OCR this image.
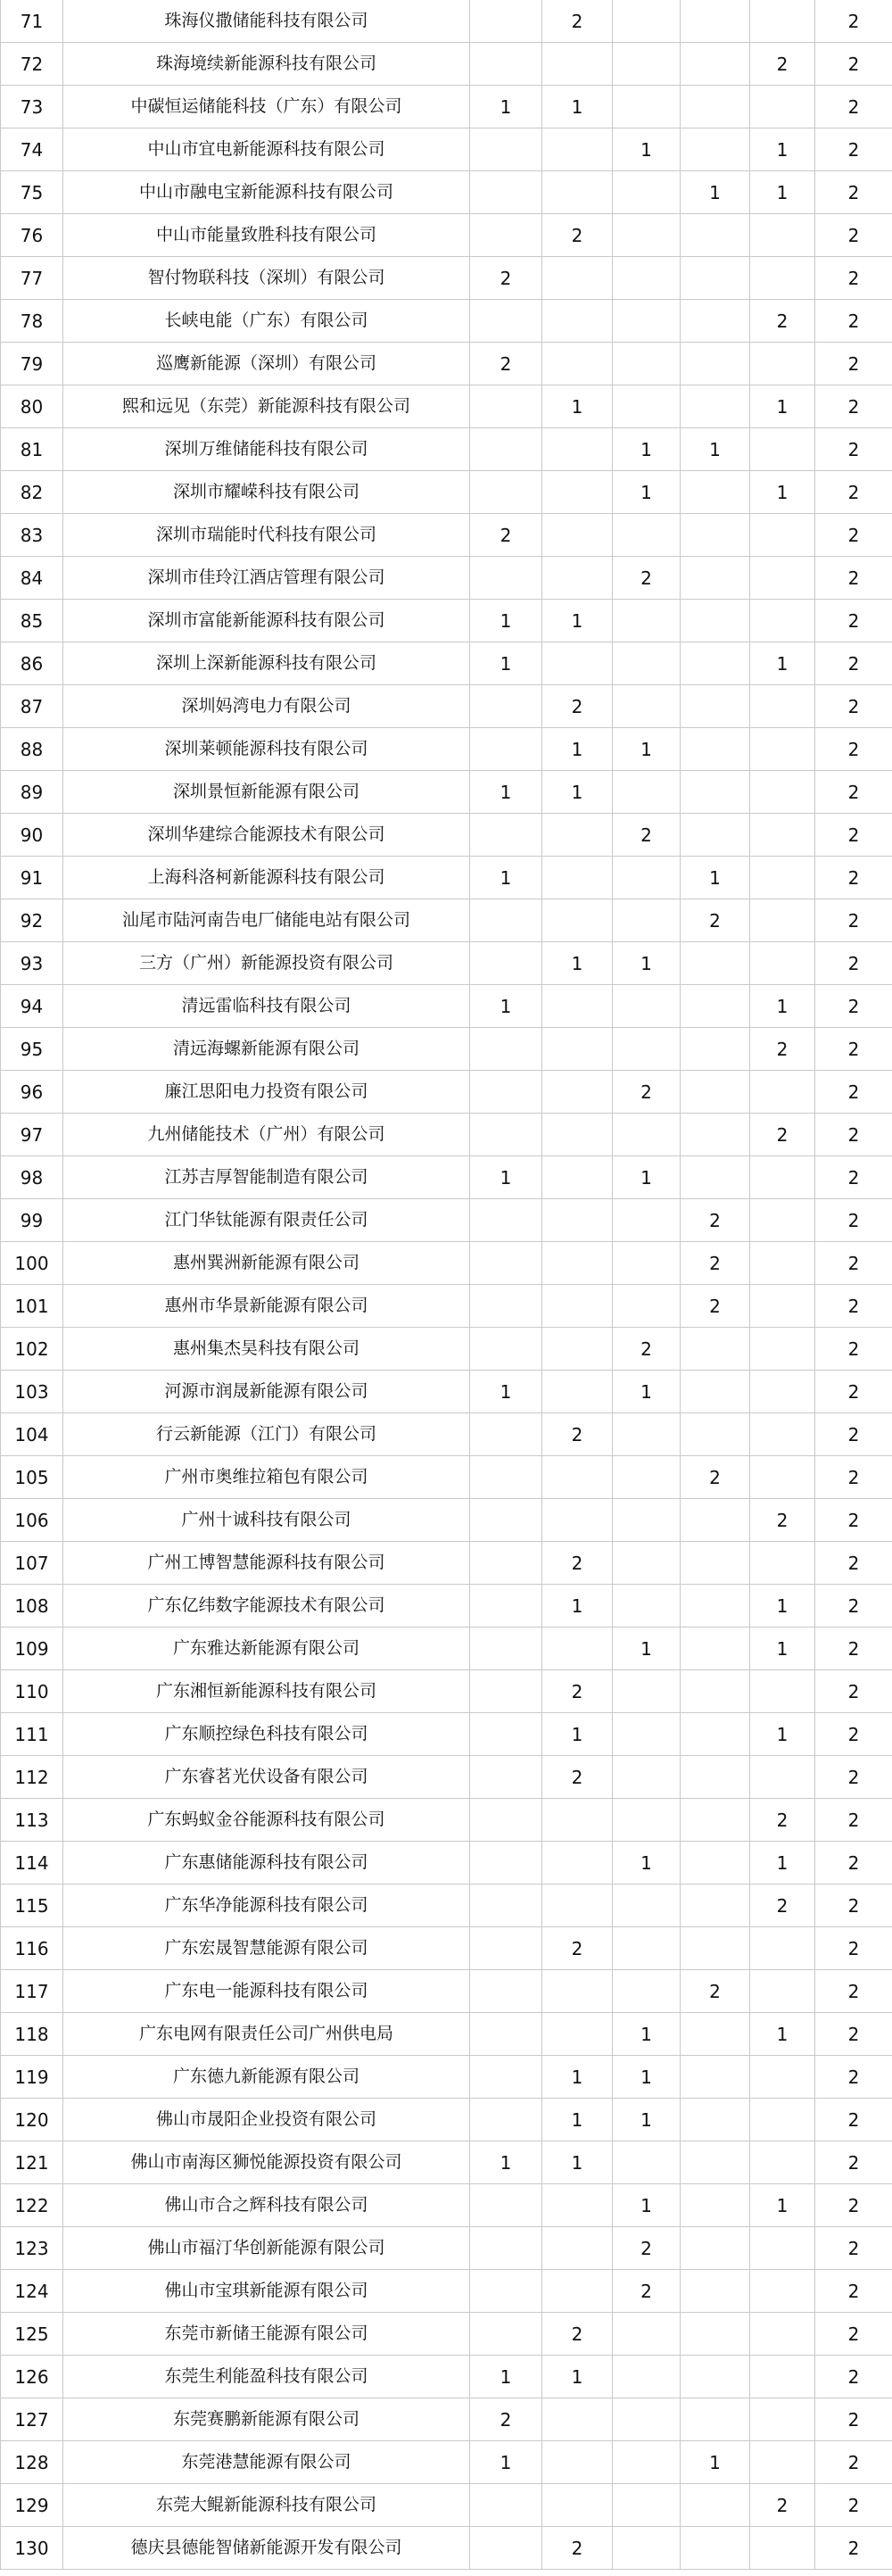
71	珠海仪撒储能科技有限公司		2				2
72	珠海境续新能源科技有限公司					2	2
73	中碳恒运储能科技（广东）有限公司	1	1				2
74	中山市宜电新能源科技有限公司			1		1	2
75	中山市融电宝新能源科技有限公司				1	1	2
76	中山市能量致胜科技有限公司		2				2
77	智付物联科技（深圳）有限公司	2					2
78	长峡电能（广东）有限公司					2	2
79	巡鹰新能源（深圳）有限公司	2					2
80	熙和远见（东莞）新能源科技有限公司		1			1	2
81	深圳万维储能科技有限公司			1	1		2
82	深圳市耀嵘科技有限公司			1		1	2
83	深圳市瑞能时代科技有限公司	2					2
84	深圳市佳玲江酒店管理有限公司			2			2
85	深圳市富能新能源科技有限公司	1	1				2
86	深圳上深新能源科技有限公司	1				1	2
87	深圳妈湾电力有限公司		2				2
88	深圳莱顿能源科技有限公司		1	1			2
89	深圳景恒新能源有限公司	1	1				2
90	深圳华建综合能源技术有限公司			2			2
91	上海科洛柯新能源科技有限公司	1			1		2
92	汕尾市陆河南告电厂储能电站有限公司				2		2
93	三方（广州）新能源投资有限公司		1	1			2
94	清远雷临科技有限公司	1				1	2
95	清远海螺新能源有限公司					2	2
96	廉江思阳电力投资有限公司			2			2
97	九州储能技术（广州）有限公司					2	2
98	江苏吉厚智能制造有限公司	1		1			2
99	江门华钛能源有限责任公司				2		2
100	惠州巽洲新能源有限公司				2		2
101	惠州市华景新能源有限公司				2		2
102	惠州集杰昊科技有限公司			2			2
103	河源市润晟新能源有限公司	1		1			2
104	行云新能源（江门）有限公司		2				2
105	广州市奥维拉箱包有限公司				2		2
106	广州十诚科技有限公司					2	2
107	广州工博智慧能源科技有限公司		2				2
108	广东亿纬数字能源技术有限公司		1			1	2
109	广东雅达新能源有限公司			1		1	2
110	广东湘恒新能源科技有限公司		2				2
111	广东顺控绿色科技有限公司		1			1	2
112	广东睿茗光伏设备有限公司		2				2
113	广东蚂蚁金谷能源科技有限公司					2	2
114	广东惠储能源科技有限公司			1		1	2
115	广东华净能源科技有限公司					2	2
116	广东宏晟智慧能源有限公司		2				2
117	广东电一能源科技有限公司				2		2
118	广东电网有限责任公司广州供电局			1		1	2
119	广东德九新能源有限公司		1	1			2
120	佛山市晟阳企业投资有限公司		1	1			2
121	佛山市南海区狮悦能源投资有限公司	1	1				2
122	佛山市合之辉科技有限公司			1		1	2
123	佛山市福汀华创新能源有限公司			2			2
124	佛山市宝琪新能源有限公司			2			2
125	东莞市新储王能源有限公司		2				2
126	东莞生利能盈科技有限公司	1	1				2
127	东莞赛鹏新能源有限公司	2					2
128	东莞港慧能源有限公司	1			1		2
129	东莞大鲲新能源科技有限公司					2	2
130	德庆县德能智储新能源开发有限公司		2				2
